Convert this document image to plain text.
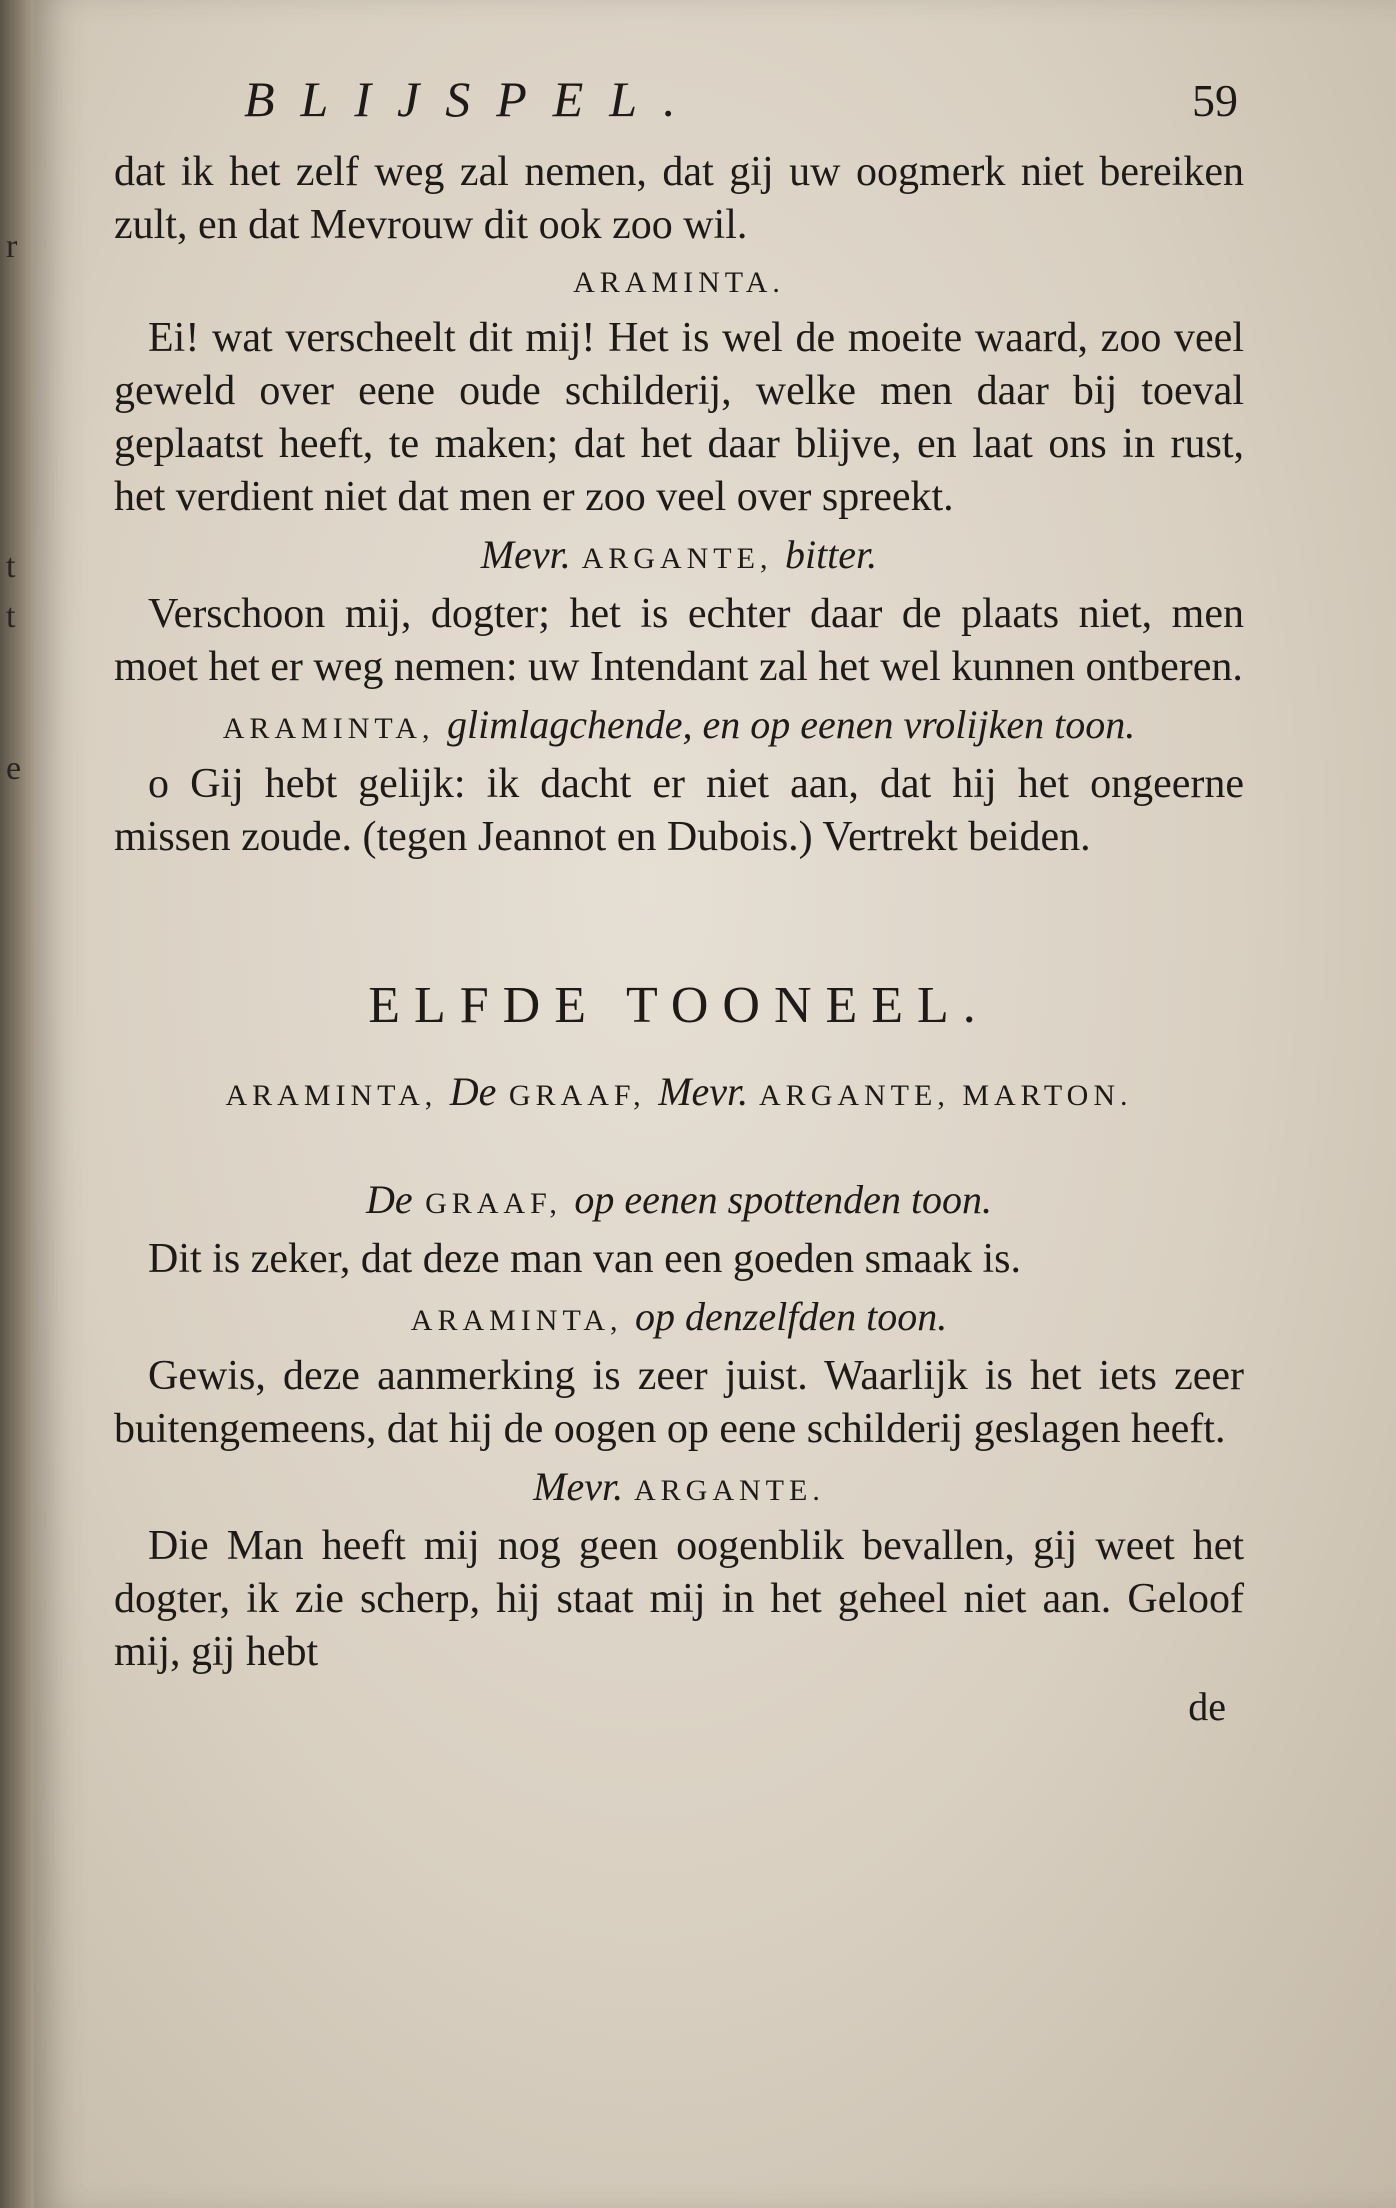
r
t
t
e
BLIJSPEL.	59

dat ik het zelf weg zal nemen, dat gij uw oogmerk niet bereiken zult, en dat Mevrouw dit ook zoo wil.

ARAMINTA.

Ei! wat verscheelt dit mij! Het is wel de moeite waard, zoo veel geweld over eene oude schilderij, welke men daar bij toeval geplaatst heeft, te maken; dat het daar blijve, en laat ons in rust, het verdient niet dat men er zoo veel over spreekt.

Mevr. ARGANTE, bitter.

Verschoon mij, dogter; het is echter daar de plaats niet, men moet het er weg nemen: uw Intendant zal het wel kunnen ontberen.

ARAMINTA, glimlagchende, en op eenen vrolijken toon.

o Gij hebt gelijk: ik dacht er niet aan, dat hij het ongeerne missen zoude. (tegen Jeannot en Dubois.) Vertrekt beiden.

ELFDE TOONEEL.
ARAMINTA, De GRAAF, Mevr. ARGANTE, MARTON.
De GRAAF, op eenen spottenden toon.

Dit is zeker, dat deze man van een goeden smaak is.

ARAMINTA, op denzelfden toon.

Gewis, deze aanmerking is zeer juist. Waarlijk is het iets zeer buitengemeens, dat hij de oogen op eene schilderij geslagen heeft.

Mevr. ARGANTE.

Die Man heeft mij nog geen oogenblik bevallen, gij weet het dogter, ik zie scherp, hij staat mij in het geheel niet aan. Geloof mij, gij hebt

de
